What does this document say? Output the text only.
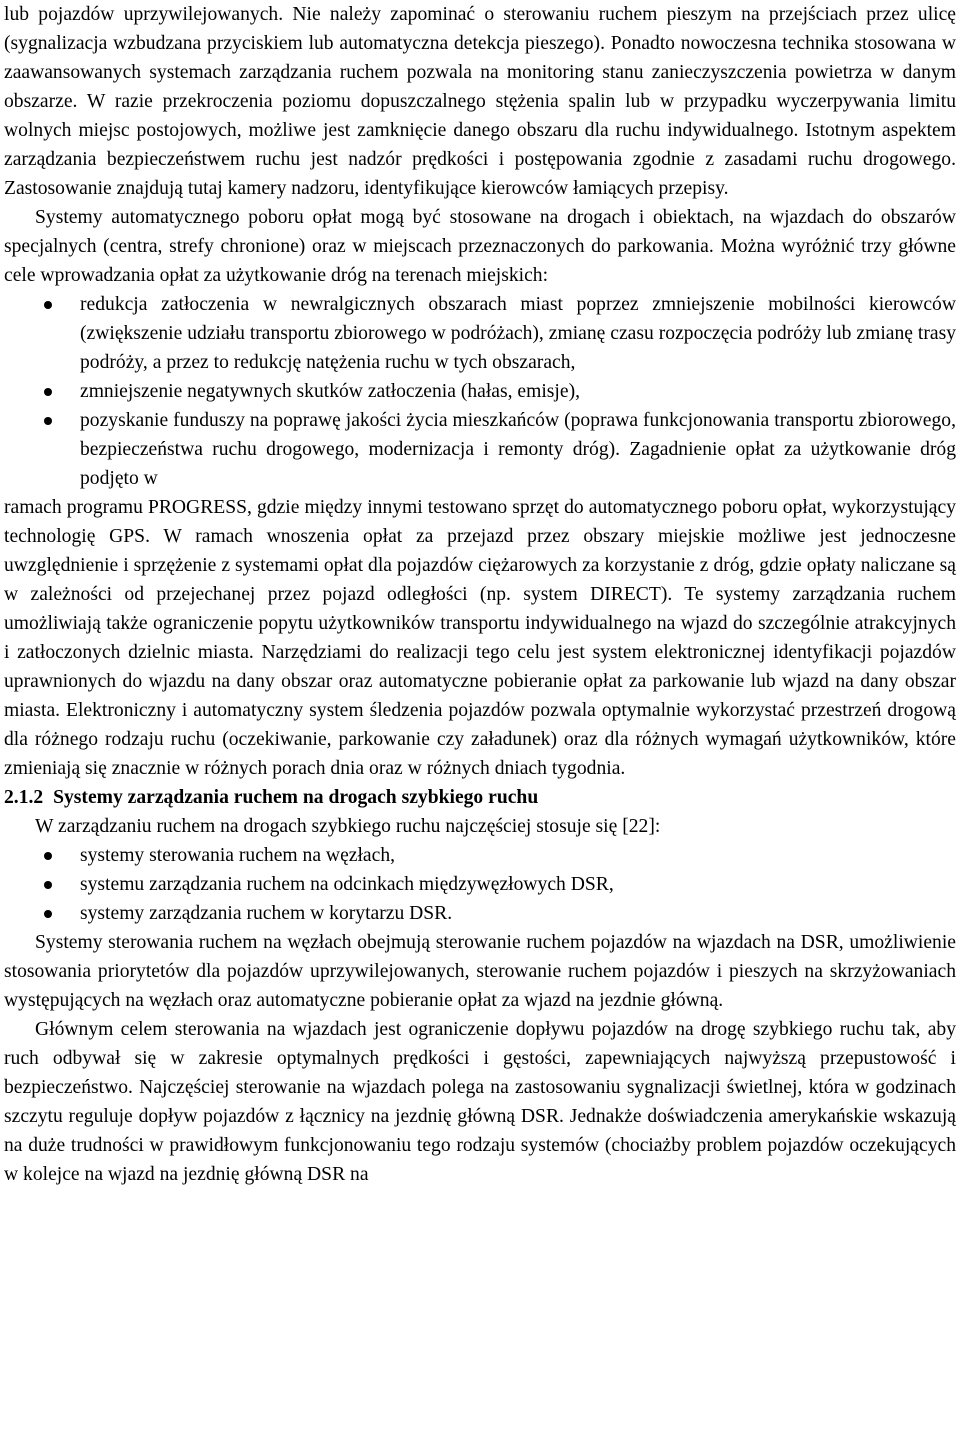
lub pojazdów uprzywilejowanych. Nie należy zapominać o sterowaniu ruchem pieszym na przejściach przez ulicę (sygnalizacja wzbudzana przyciskiem lub automatyczna detekcja pieszego). Ponadto nowoczesna technika stosowana w zaawansowanych systemach zarządzania ruchem pozwala na monitoring stanu zanieczyszczenia powietrza w danym obszarze. W razie przekroczenia poziomu dopuszczalnego stężenia spalin lub w przypadku wyczerpywania limitu wolnych miejsc postojowych, możliwe jest zamknięcie danego obszaru dla ruchu indywidualnego. Istotnym aspektem zarządzania bezpieczeństwem ruchu jest nadzór prędkości i postępowania zgodnie z zasadami ruchu drogowego. Zastosowanie znajdują tutaj kamery nadzoru, identyfikujące kierowców łamiących przepisy.

Systemy automatycznego poboru opłat mogą być stosowane na drogach i obiektach, na wjazdach do obszarów specjalnych (centra, strefy chronione) oraz w miejscach przeznaczonych do parkowania. Można wyróżnić trzy główne cele wprowadzania opłat za użytkowanie dróg na terenach miejskich:

redukcja zatłoczenia w newralgicznych obszarach miast poprzez zmniejszenie mobilności kierowców (zwiększenie udziału transportu zbiorowego w podróżach), zmianę czasu rozpoczęcia podróży lub zmianę trasy podróży, a przez to redukcję natężenia ruchu w tych obszarach,
zmniejszenie negatywnych skutków zatłoczenia (hałas, emisje),
pozyskanie funduszy na poprawę jakości życia mieszkańców (poprawa funkcjonowania transportu zbiorowego, bezpieczeństwa ruchu drogowego, modernizacja i remonty dróg). Zagadnienie opłat za użytkowanie dróg podjęto w

ramach programu PROGRESS, gdzie między innymi testowano sprzęt do automatycznego poboru opłat, wykorzystujący technologię GPS. W ramach wnoszenia opłat za przejazd przez obszary miejskie możliwe jest jednoczesne uwzględnienie i sprzężenie z systemami opłat dla pojazdów ciężarowych za korzystanie z dróg, gdzie opłaty naliczane są w zależności od przejechanej przez pojazd odległości (np. system DIRECT). Te systemy zarządzania ruchem umożliwiają także ograniczenie popytu użytkowników transportu indywidualnego na wjazd do szczególnie atrakcyjnych i zatłoczonych dzielnic miasta. Narzędziami do realizacji tego celu jest system elektronicznej identyfikacji pojazdów uprawnionych do wjazdu na dany obszar oraz automatyczne pobieranie opłat za parkowanie lub wjazd na dany obszar miasta. Elektroniczny i automatyczny system śledzenia pojazdów pozwala optymalnie wykorzystać przestrzeń drogową dla różnego rodzaju ruchu (oczekiwanie, parkowanie czy załadunek) oraz dla różnych wymagań użytkowników, które zmieniają się znacznie w różnych porach dnia oraz w różnych dniach tygodnia.

2.1.2 Systemy zarządzania ruchem na drogach szybkiego ruchu

W zarządzaniu ruchem na drogach szybkiego ruchu najczęściej stosuje się [22]:

systemy sterowania ruchem na węzłach,
systemu zarządzania ruchem na odcinkach międzywęzłowych DSR,
systemy zarządzania ruchem w korytarzu DSR.

Systemy sterowania ruchem na węzłach obejmują sterowanie ruchem pojazdów na wjazdach na DSR, umożliwienie stosowania priorytetów dla pojazdów uprzywilejowanych, sterowanie ruchem pojazdów i pieszych na skrzyżowaniach występujących na węzłach oraz automatyczne pobieranie opłat za wjazd na jezdnie główną.

Głównym celem sterowania na wjazdach jest ograniczenie dopływu pojazdów na drogę szybkiego ruchu tak, aby ruch odbywał się w zakresie optymalnych prędkości i gęstości, zapewniających najwyższą przepustowość i bezpieczeństwo. Najczęściej sterowanie na wjazdach polega na zastosowaniu sygnalizacji świetlnej, która w godzinach szczytu reguluje dopływ pojazdów z łącznicy na jezdnię główną DSR. Jednakże doświadczenia amerykańskie wskazują na duże trudności w prawidłowym funkcjonowaniu tego rodzaju systemów (chociażby problem pojazdów oczekujących w kolejce na wjazd na jezdnię główną DSR na
